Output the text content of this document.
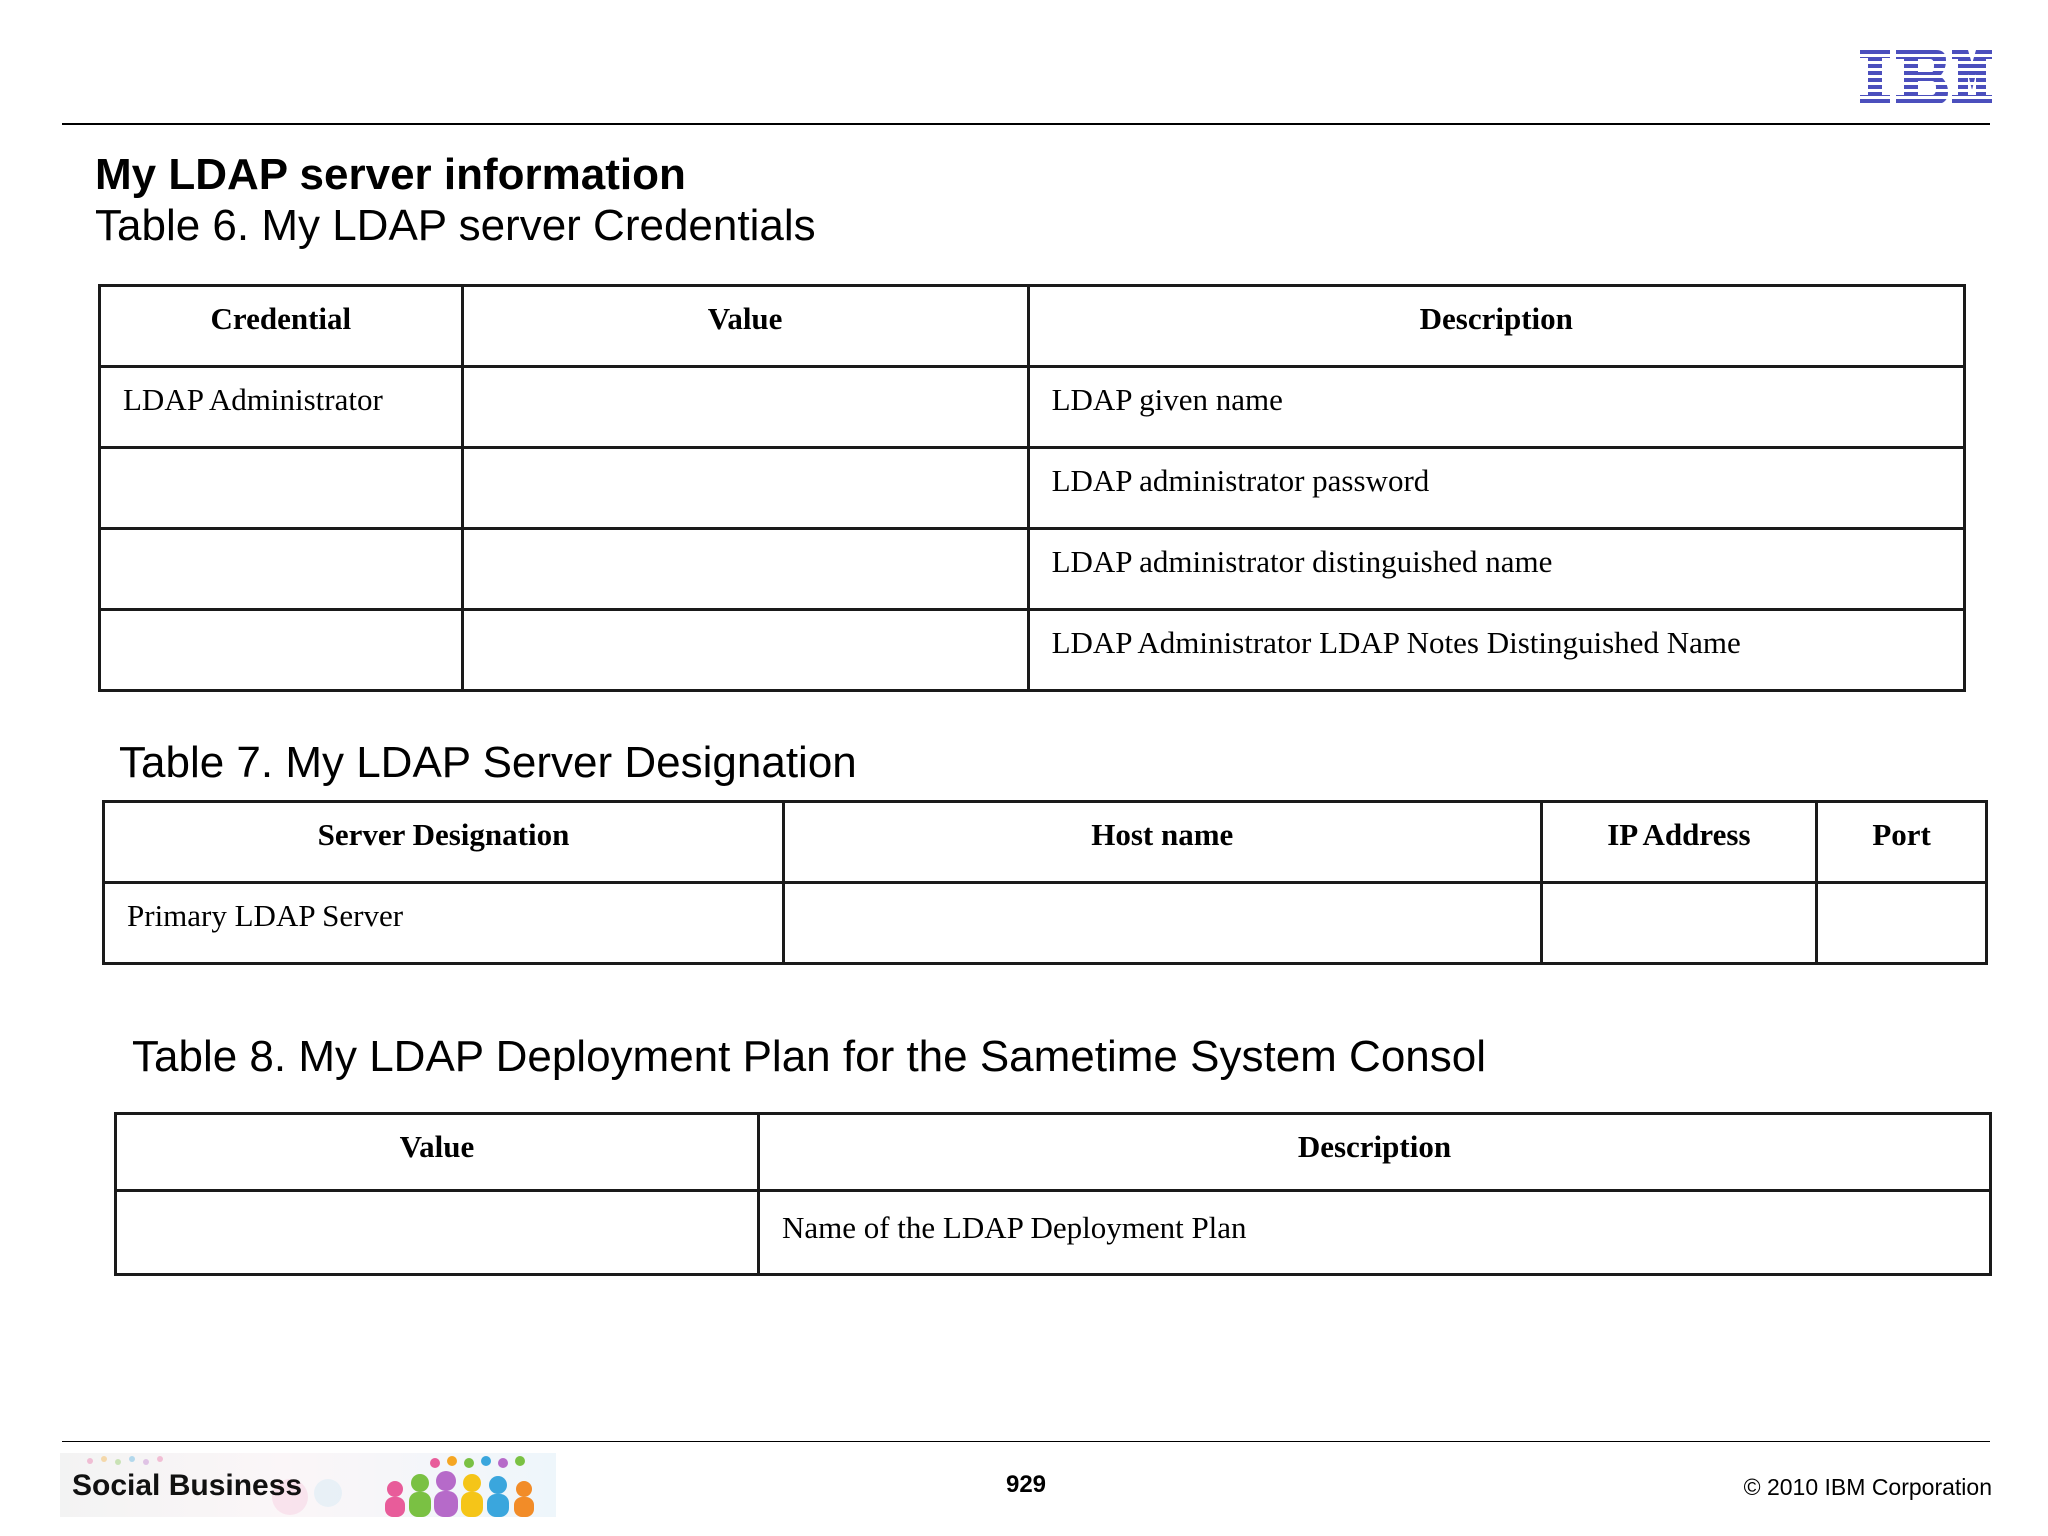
My LDAP server information
Table 6. My LDAP server Credentials
Credential	Value	Description
LDAP Administrator		LDAP given name
		LDAP administrator password
		LDAP administrator distinguished name
		LDAP Administrator LDAP Notes Distinguished Name
Table 7. My LDAP Server Designation
Server Designation	Host name	IP Address	Port
Primary LDAP Server			
Table 8. My LDAP Deployment Plan for the Sametime System Consol
Value	Description
	Name of the LDAP Deployment Plan
Social Business	929	© 2010 IBM Corporation
